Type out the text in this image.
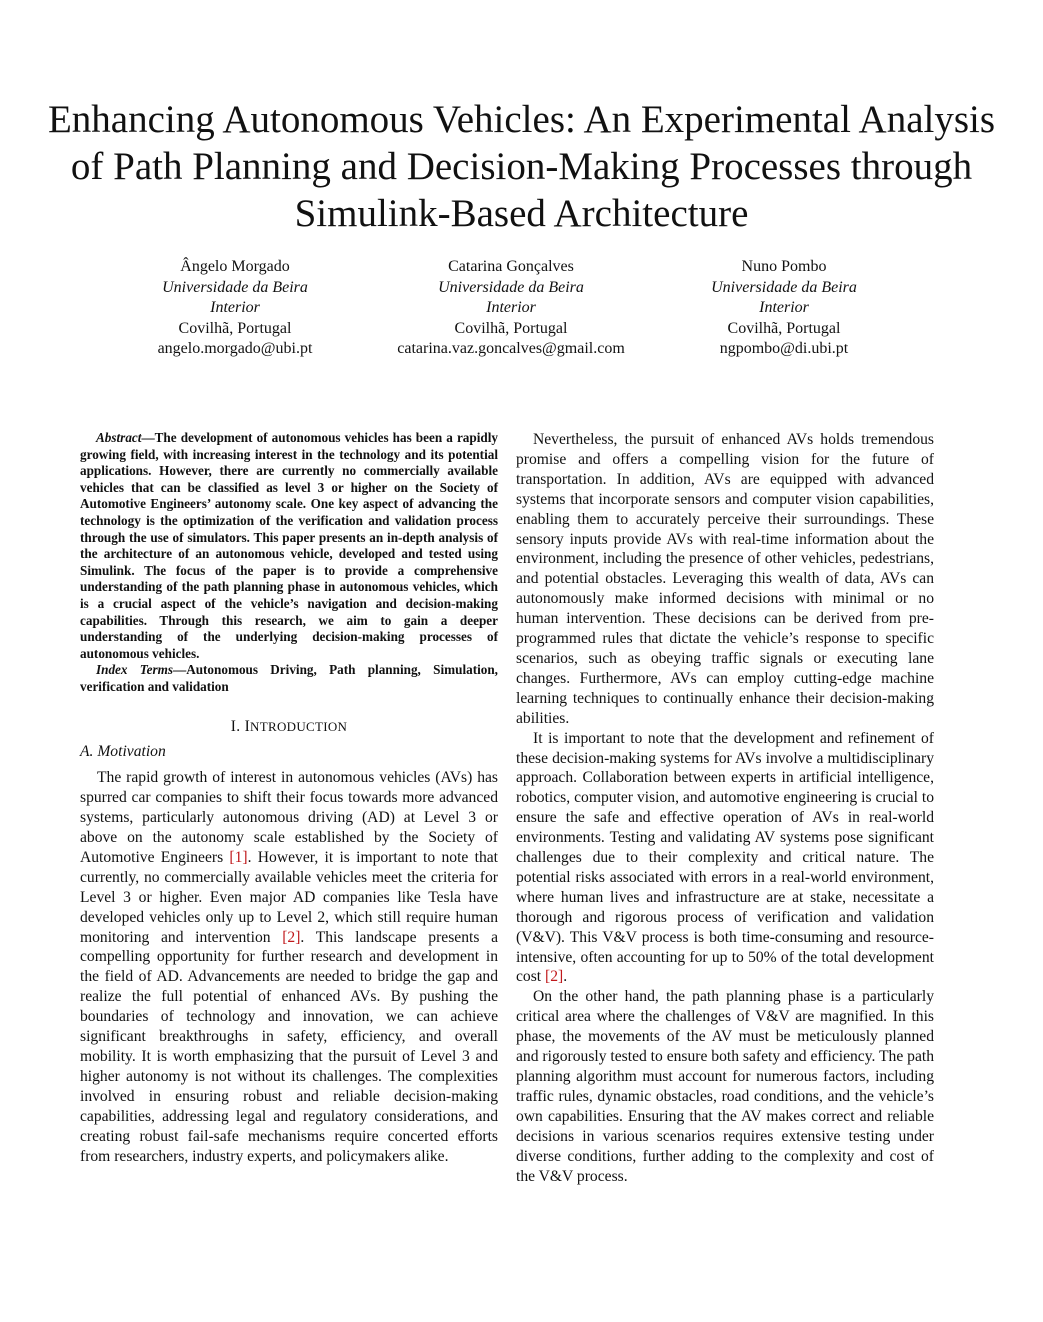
Enhancing Autonomous Vehicles: An Experimental Analysis of Path Planning and Decision-Making Processes through Simulink-Based Architecture
Ângelo Morgado
Universidade da Beira
Interior
Covilhã, Portugal
angelo.morgado@ubi.pt
Catarina Gonçalves
Universidade da Beira
Interior
Covilhã, Portugal
catarina.vaz.goncalves@gmail.com
Nuno Pombo
Universidade da Beira
Interior
Covilhã, Portugal
ngpombo@di.ubi.pt

Abstract—The development of autonomous vehicles has been a rapidly growing field, with increasing interest in the technology and its potential applications. However, there are currently no commercially available vehicles that can be classified as level 3 or higher on the Society of Automotive Engineers’ autonomy scale. One key aspect of advancing the technology is the optimization of the verification and validation process through the use of simulators. This paper presents an in-depth analysis of the architecture of an autonomous vehicle, developed and tested using Simulink. The focus of the paper is to provide a comprehensive understanding of the path planning phase in autonomous vehicles, which is a crucial aspect of the vehicle’s navigation and decision-making capabilities. Through this research, we aim to gain a deeper understanding of the underlying decision-making processes of autonomous vehicles.

Index Terms—Autonomous Driving, Path planning, Simulation, verification and validation

I. INTRODUCTION
A. Motivation

The rapid growth of interest in autonomous vehicles (AVs) has spurred car companies to shift their focus towards more advanced systems, particularly autonomous driving (AD) at Level 3 or above on the autonomy scale established by the Society of Automotive Engineers [1]. However, it is important to note that currently, no commercially available vehicles meet the criteria for Level 3 or higher. Even major AD companies like Tesla have developed vehicles only up to Level 2, which still require human monitoring and intervention [2]. This landscape presents a compelling opportunity for further research and development in the field of AD. Advancements are needed to bridge the gap and realize the full potential of enhanced AVs. By pushing the boundaries of technology and innovation, we can achieve significant breakthroughs in safety, efficiency, and overall mobility. It is worth emphasizing that the pursuit of Level 3 and higher autonomy is not without its challenges. The complexities involved in ensuring robust and reliable decision-making capabilities, addressing legal and regulatory considerations, and creating robust fail-safe mechanisms require concerted efforts from researchers, industry experts, and policymakers alike.

Nevertheless, the pursuit of enhanced AVs holds tremendous promise and offers a compelling vision for the future of transportation. In addition, AVs are equipped with advanced systems that incorporate sensors and computer vision capabilities, enabling them to accurately perceive their surroundings. These sensory inputs provide AVs with real-time information about the environment, including the presence of other vehicles, pedestrians, and potential obstacles. Leveraging this wealth of data, AVs can autonomously make informed decisions with minimal or no human intervention. These decisions can be derived from pre-programmed rules that dictate the vehicle’s response to specific scenarios, such as obeying traffic signals or executing lane changes. Furthermore, AVs can employ cutting-edge machine learning techniques to continually enhance their decision-making abilities.

It is important to note that the development and refinement of these decision-making systems for AVs involve a multidisciplinary approach. Collaboration between experts in artificial intelligence, robotics, computer vision, and automotive engineering is crucial to ensure the safe and effective operation of AVs in real-world environments. Testing and validating AV systems pose significant challenges due to their complexity and critical nature. The potential risks associated with errors in a real-world environment, where human lives and infrastructure are at stake, necessitate a thorough and rigorous process of verification and validation (V&V). This V&V process is both time-consuming and resource-intensive, often accounting for up to 50% of the total development cost [2].

On the other hand, the path planning phase is a particularly critical area where the challenges of V&V are magnified. In this phase, the movements of the AV must be meticulously planned and rigorously tested to ensure both safety and efficiency. The path planning algorithm must account for numerous factors, including traffic rules, dynamic obstacles, road conditions, and the vehicle’s own capabilities. Ensuring that the AV makes correct and reliable decisions in various scenarios requires extensive testing under diverse conditions, further adding to the complexity and cost of the V&V process.
